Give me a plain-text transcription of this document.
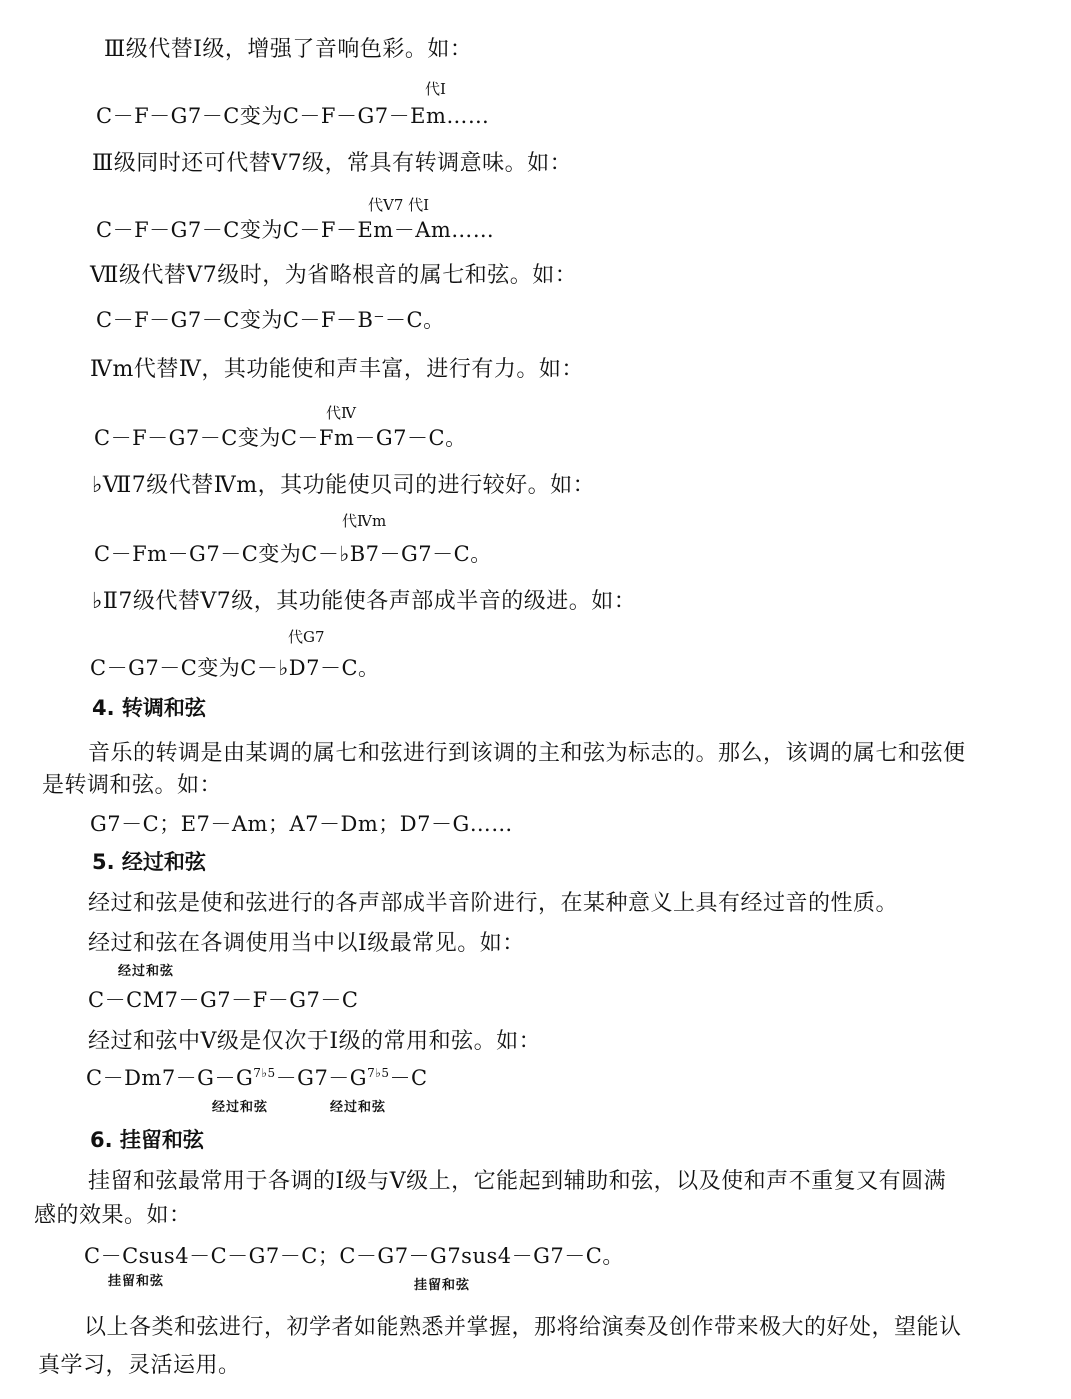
Ⅲ级代替Ⅰ级，增强了音响色彩。如：
代Ⅰ
C－F－G7－C变为C－F－G7－Em……
Ⅲ级同时还可代替Ⅴ7级，常具有转调意味。如：
代Ⅴ7 代Ⅰ
C－F－G7－C变为C－F－Em－Am……
Ⅶ级代替Ⅴ7级时，为省略根音的属七和弦。如：
C－F－G7－C变为C－F－B⁻－C。
Ⅳm代替Ⅳ，其功能使和声丰富，进行有力。如：
代Ⅳ
C－F－G7－C变为C－Fm－G7－C。
♭Ⅶ7级代替Ⅳm，其功能使贝司的进行较好。如：
代Ⅳm
C－Fm－G7－C变为C－♭B7－G7－C。
♭Ⅱ7级代替Ⅴ7级，其功能使各声部成半音的级进。如：
代G7
C－G7－C变为C－♭D7－C。
4. 转调和弦
音乐的转调是由某调的属七和弦进行到该调的主和弦为标志的。那么，该调的属七和弦便
是转调和弦。如：
G7－C；E7－Am；A7－Dm；D7－G……
5. 经过和弦
经过和弦是使和弦进行的各声部成半音阶进行，在某种意义上具有经过音的性质。
经过和弦在各调使用当中以Ⅰ级最常见。如：
经过和弦
C－CM7－G7－F－G7－C
经过和弦中Ⅴ级是仅次于Ⅰ级的常用和弦。如：
$C-Dm7-G-G^{7♭5}-G7-G^{7♭5}-C$
经过和弦	经过和弦
6. 挂留和弦
挂留和弦最常用于各调的Ⅰ级与Ⅴ级上，它能起到辅助和弦，以及使和声不重复又有圆满
感的效果。如：
C－Csus4－C－G7－C；C－G7－G7sus4－G7－C。
挂留和弦	挂留和弦
以上各类和弦进行，初学者如能熟悉并掌握，那将给演奏及创作带来极大的好处，望能认
真学习，灵活运用。
